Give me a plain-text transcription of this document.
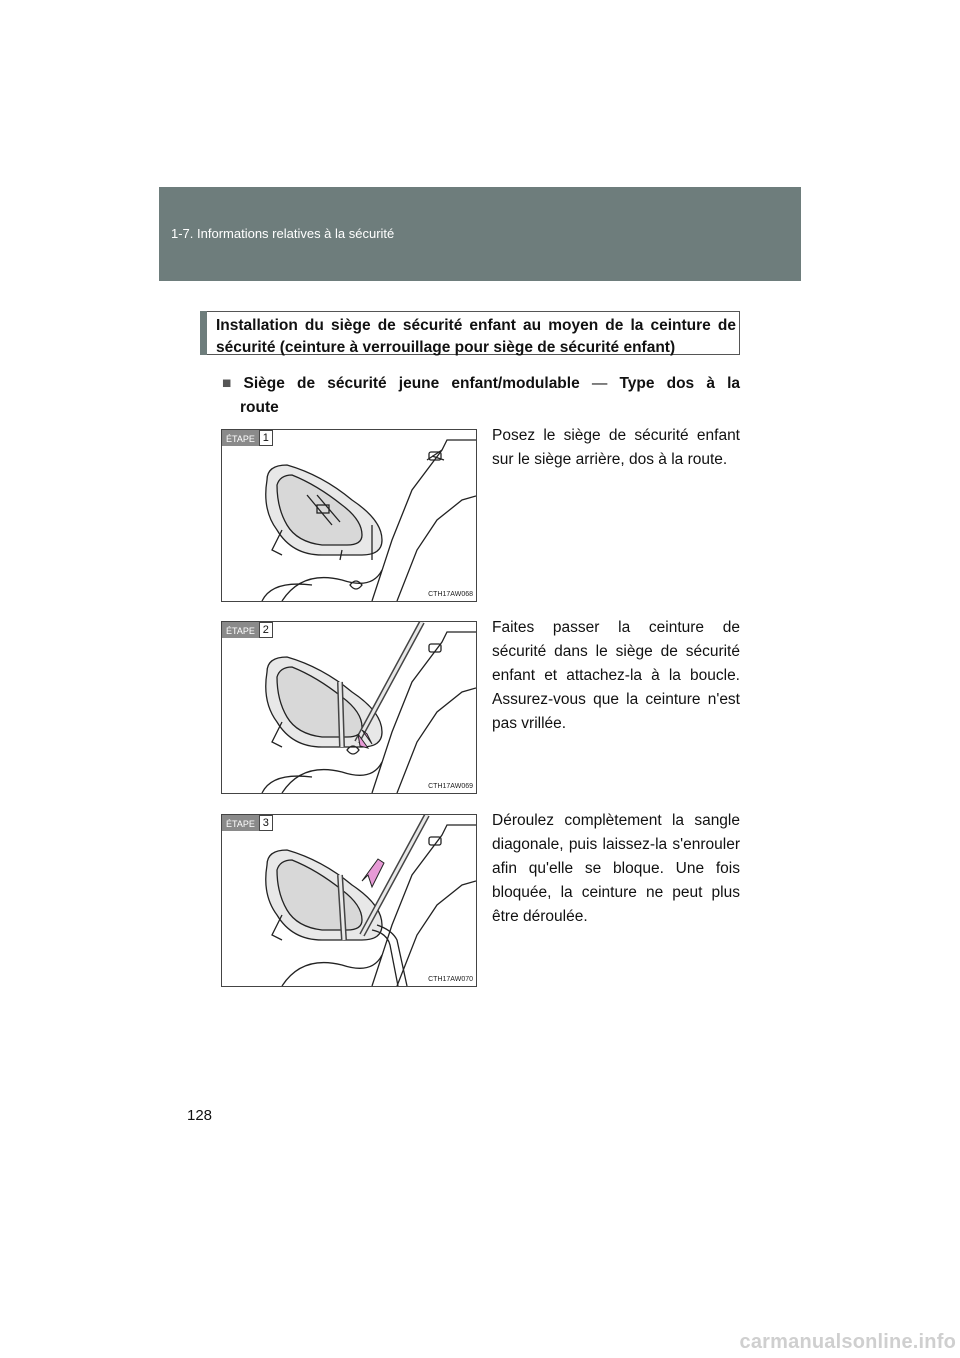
1-7. Informations relatives à la sécurité
Installation du siège de sécurité enfant au moyen de la ceinture de sécurité (ceinture à verrouillage pour siège de sécurité enfant)
■ Siège de sécurité jeune enfant/modulable — Type dos à la
route
ÉTAPE 1
CTH17AW068
Posez le siège de sécurité enfant sur le siège arrière, dos à la route.
ÉTAPE 2
CTH17AW069
Faites passer la ceinture de sécurité dans le siège de sécurité enfant et attachez-la à la boucle. Assurez-vous que la ceinture n'est pas vrillée.
ÉTAPE 3
CTH17AW070
Déroulez complètement la sangle diagonale, puis laissez-la s'enrouler afin qu'elle se bloque. Une fois bloquée, la ceinture ne peut plus être déroulée.
128
carmanualsonline.info
